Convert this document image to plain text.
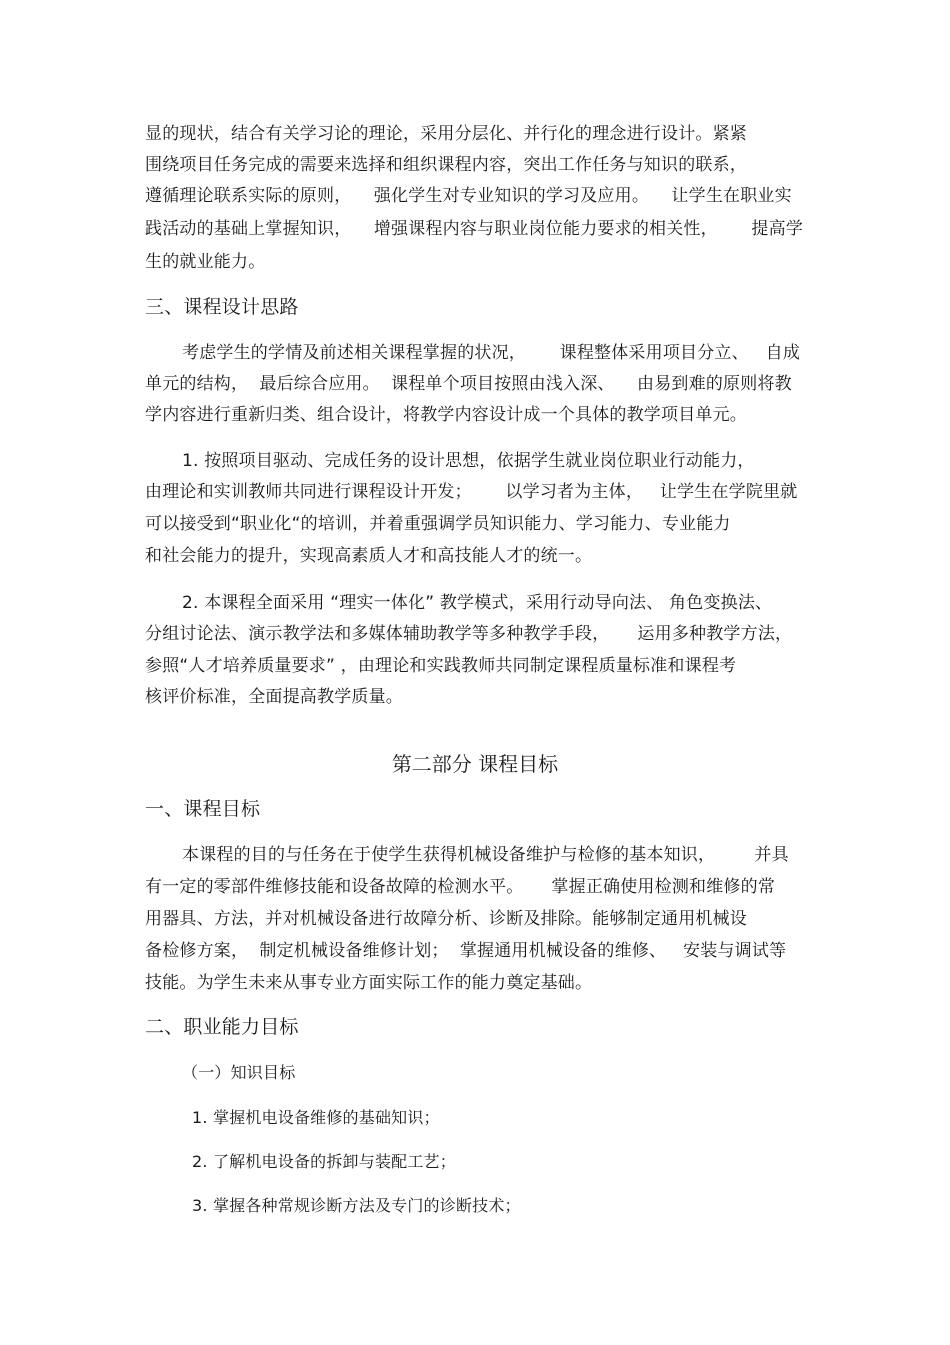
显的现状，结合有关学习论的理论，采用分层化、并行化的理念进行设计。紧紧
围绕项目任务完成的需要来选择和组织课程内容，突出工作任务与知识的联系，
遵循理论联系实际的原则，    强化学生对专业知识的学习及应用。    让学生在职业实
践活动的基础上掌握知识，    增强课程内容与职业岗位能力要求的相关性，      提高学
生的就业能力。
三、课程设计思路
考虑学生的学情及前述相关课程掌握的状况，      课程整体采用项目分立、   自成
单元的结构，  最后综合应用。  课程单个项目按照由浅入深、    由易到难的原则将教
学内容进行重新归类、组合设计，将教学内容设计成一个具体的教学项目单元。
1. 按照项目驱动、完成任务的设计思想，依据学生就业岗位职业行动能力，
由理论和实训教师共同进行课程设计开发；      以学习者为主体，   让学生在学院里就
可以接受到“职业化“的培训，并着重强调学员知识能力、学习能力、专业能力
和社会能力的提升，实现高素质人才和高技能人才的统一。
2. 本课程全面采用 “理实一体化” 教学模式，采用行动导向法、 角色变换法、
分组讨论法、演示教学法和多媒体辅助教学等多种教学手段，     运用多种教学方法，
参照“人才培养质量要求” ，由理论和实践教师共同制定课程质量标准和课程考
核评价标准，全面提高教学质量。
第二部分 课程目标
一、课程目标
本课程的目的与任务在于使学生获得机械设备维护与检修的基本知识，       并具
有一定的零部件维修技能和设备故障的检测水平。     掌握正确使用检测和维修的常
用器具、方法，并对机械设备进行故障分析、诊断及排除。能够制定通用机械设
备检修方案，  制定机械设备维修计划；  掌握通用机械设备的维修、   安装与调试等
技能。为学生未来从事专业方面实际工作的能力奠定基础。
二、职业能力目标
（一）知识目标
1. 掌握机电设备维修的基础知识；
2. 了解机电设备的拆卸与装配工艺；
3. 掌握各种常规诊断方法及专门的诊断技术；
